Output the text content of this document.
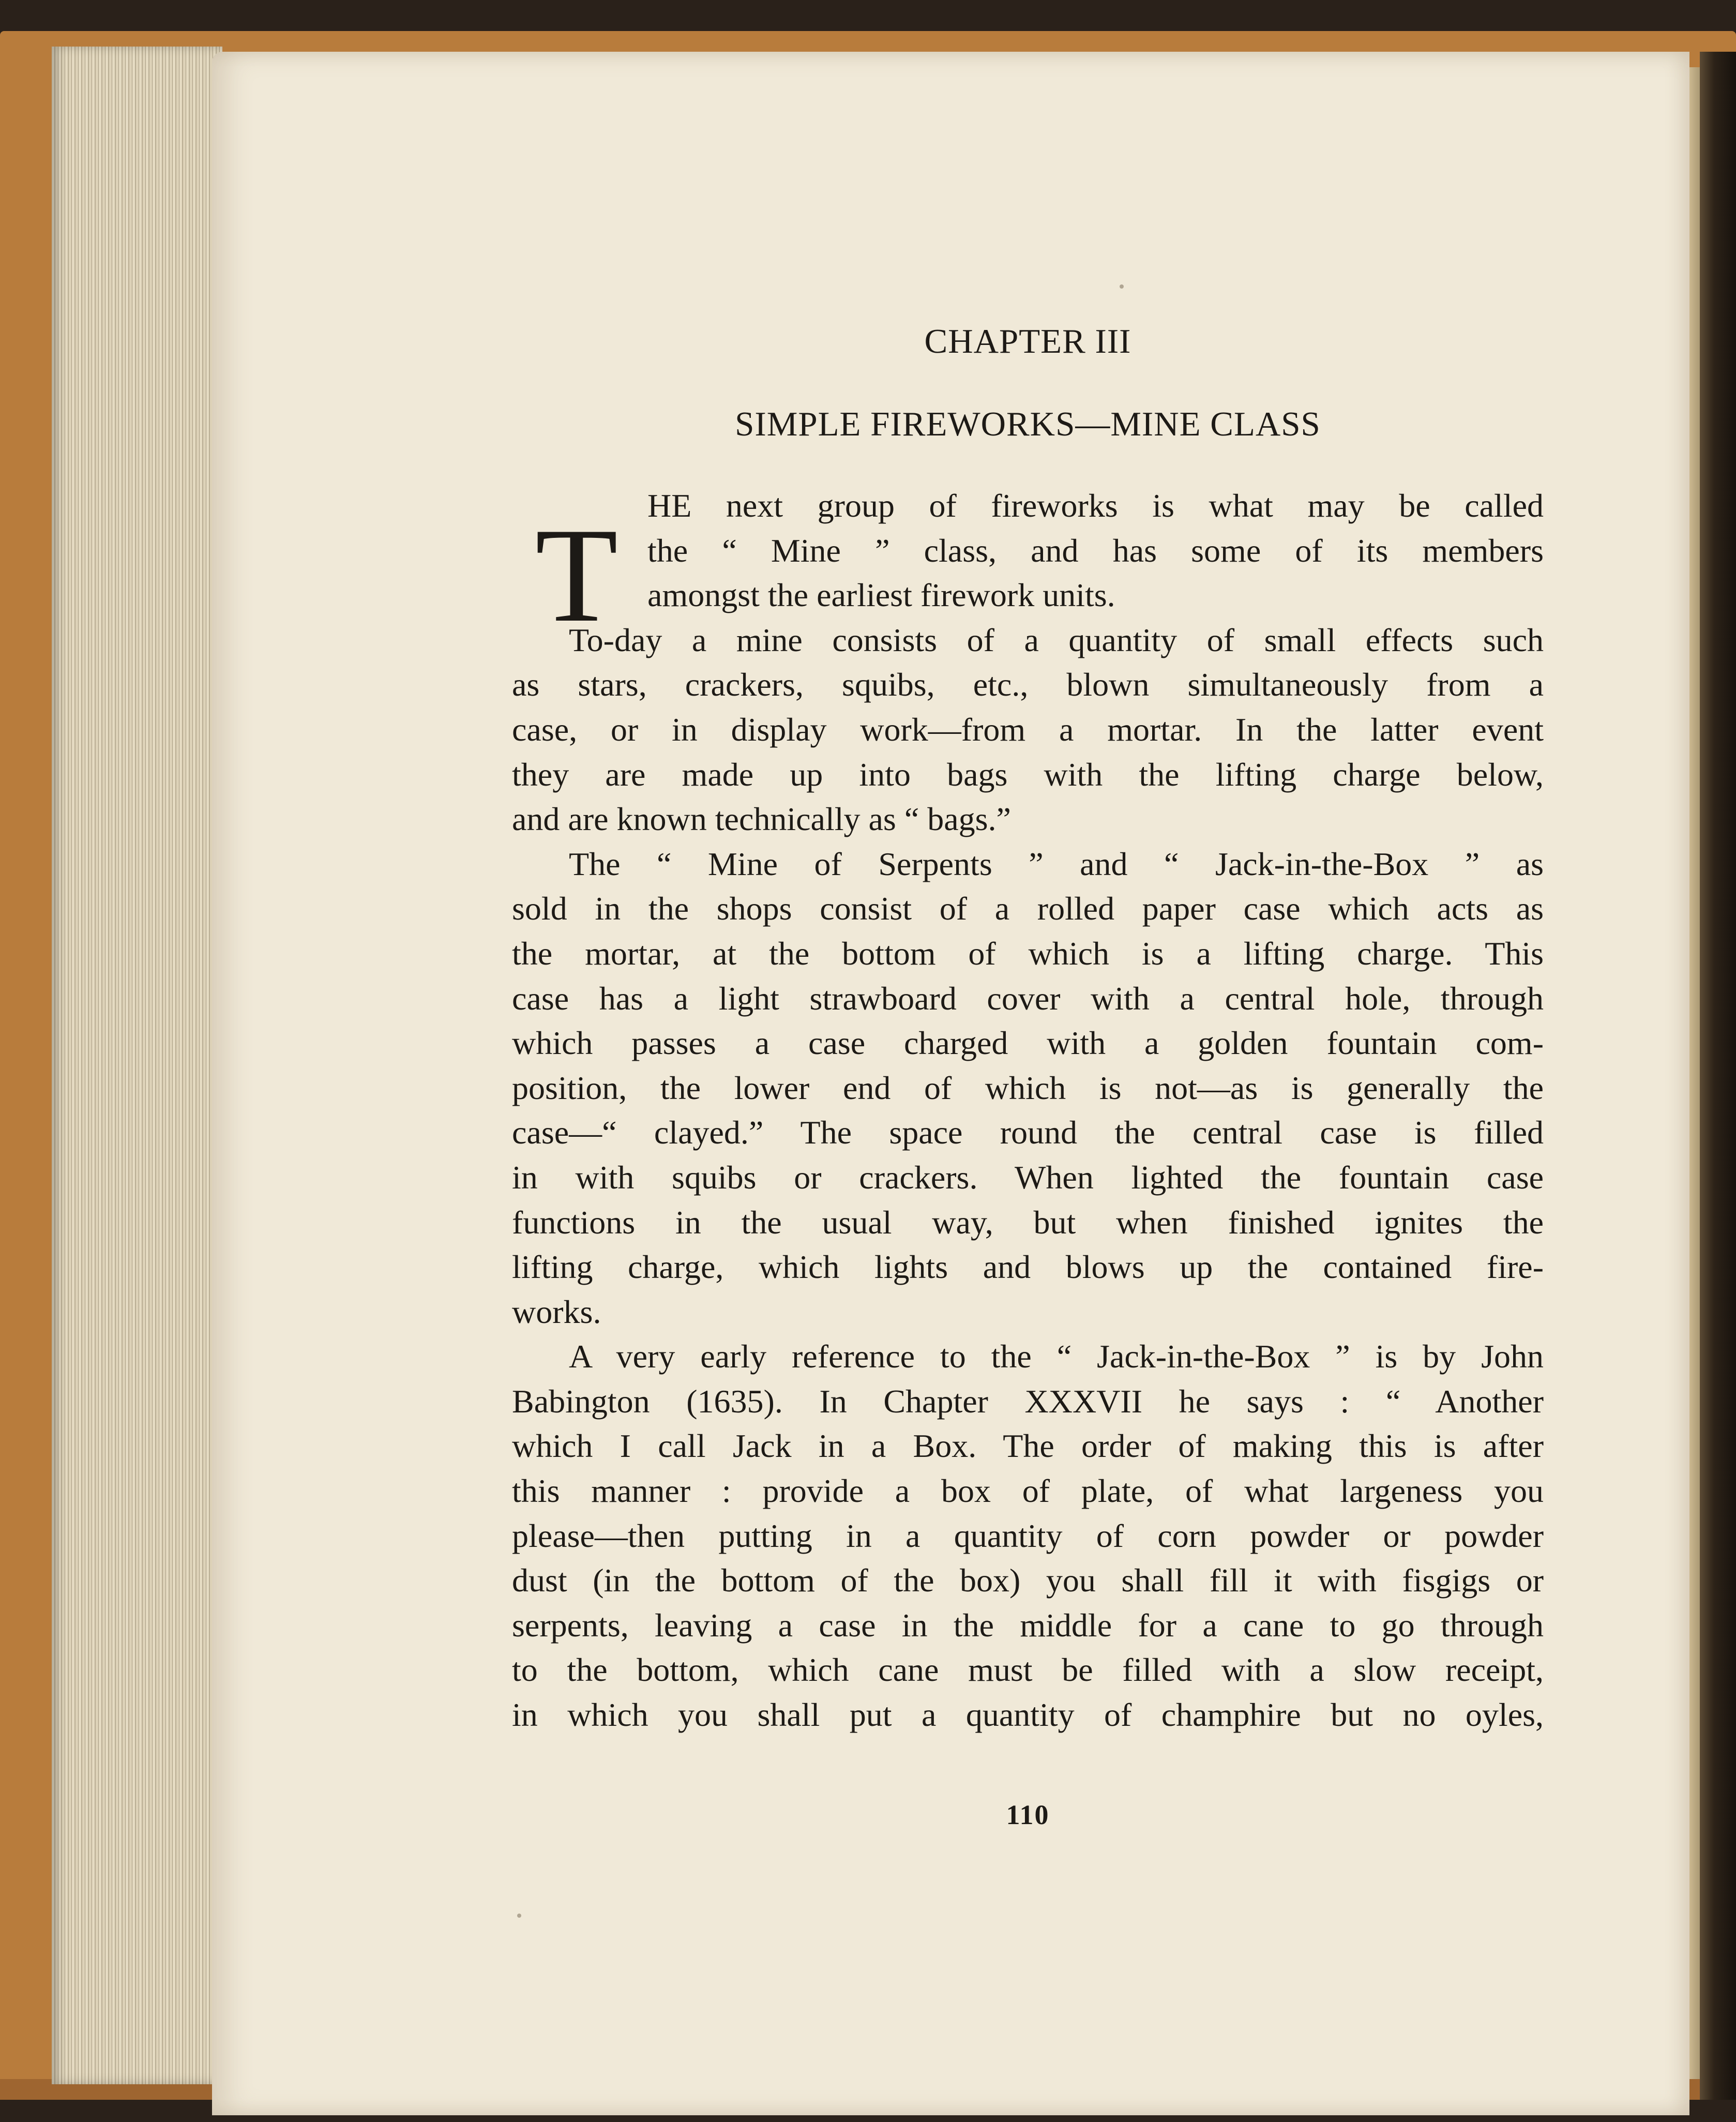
CHAPTER III
SIMPLE FIREWORKS—MINE CLASS
T HE next group of fireworks is what may be called
the “ Mine ” class, and has some of its members
amongst the earliest firework units.
To-day a mine consists of a quantity of small effects such
as stars, crackers, squibs, etc., blown simultaneously from a
case, or in display work—from a mortar. In the latter event
they are made up into bags with the lifting charge below,
and are known technically as “ bags.”
The “ Mine of Serpents ” and “ Jack-in-the-Box ” as
sold in the shops consist of a rolled paper case which acts as
the mortar, at the bottom of which is a lifting charge. This
case has a light strawboard cover with a central hole, through
which passes a case charged with a golden fountain com-
position, the lower end of which is not—as is generally the
case—“ clayed.” The space round the central case is filled
in with squibs or crackers. When lighted the fountain case
functions in the usual way, but when finished ignites the
lifting charge, which lights and blows up the contained fire-
works.
A very early reference to the “ Jack-in-the-Box ” is by John
Babington (1635). In Chapter XXXVII he says : “ Another
which I call Jack in a Box. The order of making this is after
this manner : provide a box of plate, of what largeness you
please—then putting in a quantity of corn powder or powder
dust (in the bottom of the box) you shall fill it with fisgigs or
serpents, leaving a case in the middle for a cane to go through
to the bottom, which cane must be filled with a slow receipt,
in which you shall put a quantity of champhire but no oyles,
110
